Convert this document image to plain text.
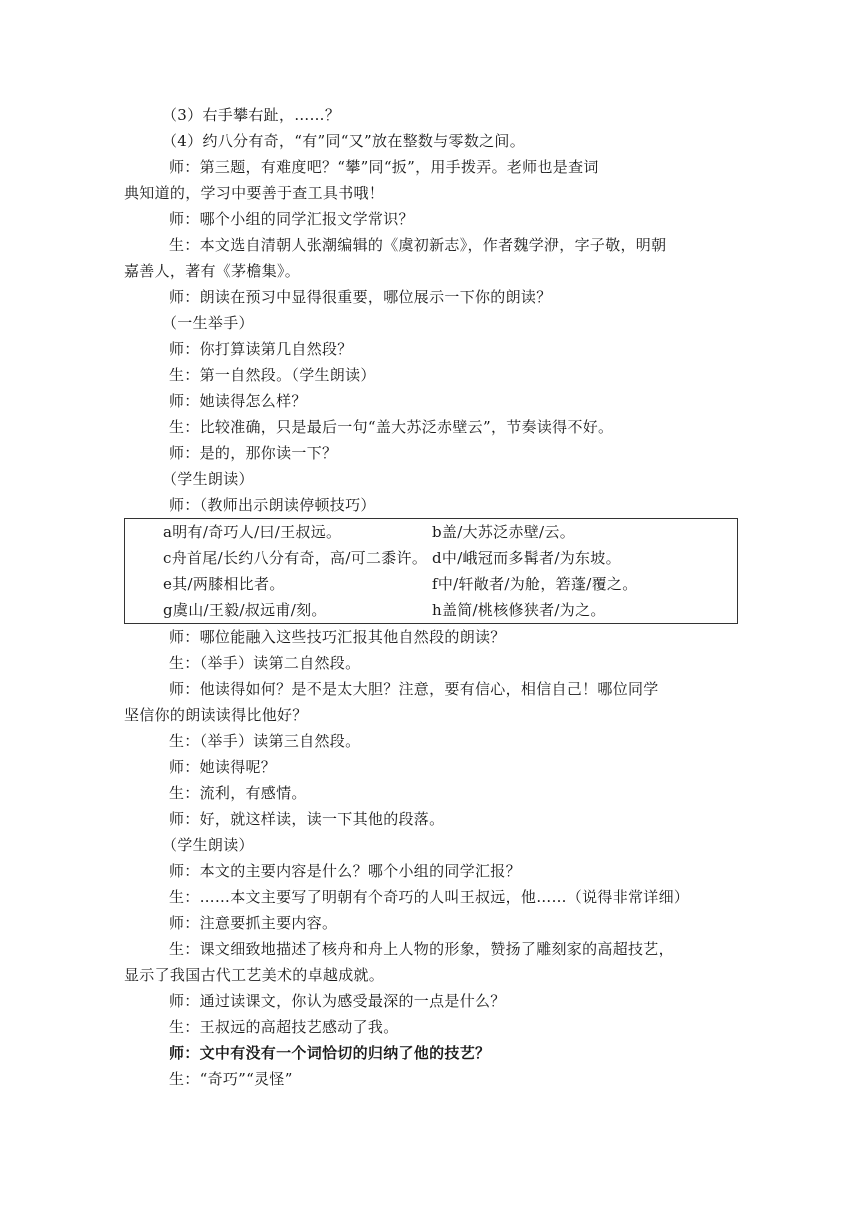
（3）右手攀右趾，……？
（4）约八分有奇，“有”同“又”放在整数与零数之间。
师：第三题，有难度吧？“攀”同“扳”，用手拨弄。老师也是查词
典知道的，学习中要善于查工具书哦！
师：哪个小组的同学汇报文学常识？
生：本文选自清朝人张潮编辑的《虞初新志》，作者魏学洢，字子敬，明朝
嘉善人，著有《茅檐集》。
师：朗读在预习中显得很重要，哪位展示一下你的朗读？
（一生举手）
师：你打算读第几自然段？
生：第一自然段。（学生朗读）
师：她读得怎么样？
生：比较准确，只是最后一句“盖大苏泛赤壁云”，节奏读得不好。
师：是的，那你读一下？
（学生朗读）
师：（教师出示朗读停顿技巧）
a明有/奇巧人/曰/王叔远。	b盖/大苏泛赤壁/云。
c舟首尾/长约八分有奇，高/可二黍许。 d中/峨冠而多髯者/为东坡。
e其/两膝相比者。	f中/轩敞者/为舱，箬蓬/覆之。
g虞山/王毅/叔远甫/刻。	h盖简/桃核修狭者/为之。
师：哪位能融入这些技巧汇报其他自然段的朗读？
生：（举手）读第二自然段。
师：他读得如何？是不是太大胆？注意，要有信心，相信自己！哪位同学
坚信你的朗读读得比他好？
生：（举手）读第三自然段。
师：她读得呢？
生：流利，有感情。
师：好，就这样读，读一下其他的段落。
（学生朗读）
师：本文的主要内容是什么？哪个小组的同学汇报？
生：……本文主要写了明朝有个奇巧的人叫王叔远，他……（说得非常详细）
师：注意要抓主要内容。
生：课文细致地描述了核舟和舟上人物的形象，赞扬了雕刻家的高超技艺，
显示了我国古代工艺美术的卓越成就。
师：通过读课文，你认为感受最深的一点是什么？
生：王叔远的高超技艺感动了我。
师：文中有没有一个词恰切的归纳了他的技艺？
生：“奇巧”“灵怪”
